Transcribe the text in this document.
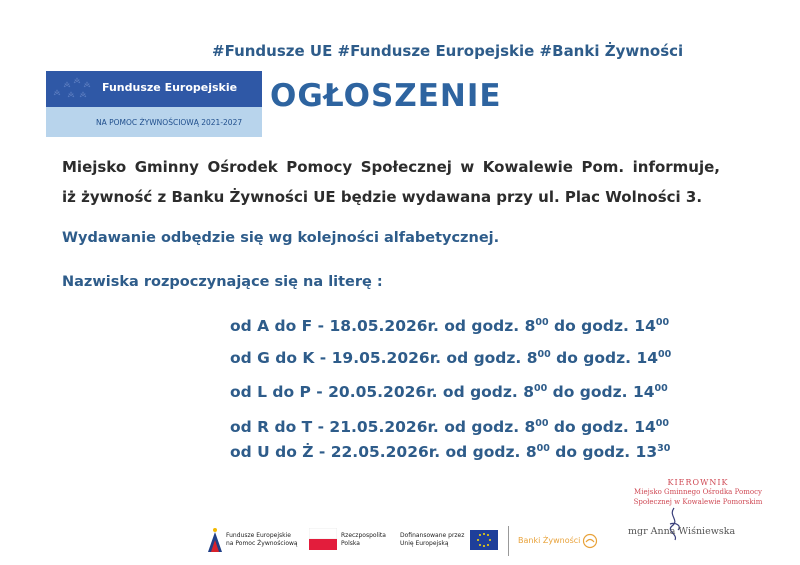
#Fundusze UE #Fundusze Europejskie #Banki Żywności
Fundusze Europejskie
NA POMOC ŻYWNOŚCIOWĄ 2021-2027
OGŁOSZENIE
Miejsko Gminny Ośrodek Pomocy Społecznej w Kowalewie Pom. informuje,
iż żywność z Banku Żywności UE będzie wydawana przy ul. Plac Wolności 3.
Wydawanie odbędzie się wg kolejności alfabetycznej.
Nazwiska rozpoczynające się na literę :
od A do F - 18.05.2026r. od godz. $8^{00}$ do godz. $14^{00}$
od G do K - 19.05.2026r. od godz. $8^{00}$ do godz. $14^{00}$
od L do P - 20.05.2026r. od godz. $8^{00}$ do godz. $14^{00}$
od R do T - 21.05.2026r. od godz. $8^{00}$ do godz. $14^{00}$
od U do Ż - 22.05.2026r. od godz. $8^{00}$ do godz. $13^{30}$
KIEROWNIK
Miejsko Gminnego Ośrodka Pomocy
Społecznej w Kowalewie Pomorskim
mgr Anna Wiśniewska
Fundusze Europejskie
na Pomoc Żywnościową
Rzeczpospolita
Polska
Dofinansowane przez
Unię Europejską	Banki Żywności
